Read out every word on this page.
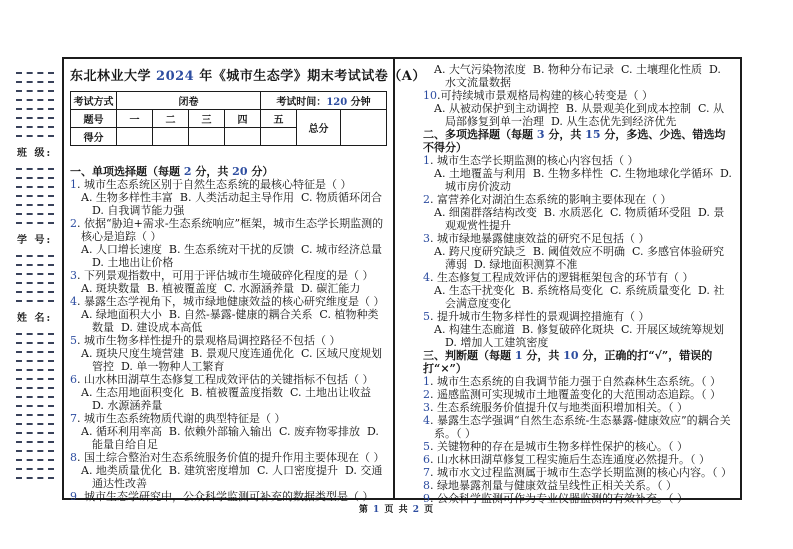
班 级:
学 号:
姓 名:
东北林业大学 2024 年《城市生态学》期末考试试卷（A）
考试方式	闭卷				考试时间：120 分钟		
题号	一	二	三	四	五	总分	
得分							

一、单项选择题（每题 2 分，共 20 分）

1. 城市生态系统区别于自然生态系统的最核心特征是（ ）

A. 生物多样性丰富  B. 人类活动起主导作用  C. 物质循环闭合  D. 自我调节能力强

2. 依据“胁迫+需求-生态系统响应”框架，城市生态学长期监测的核心是追踪（ ）

A. 人口增长速度  B. 生态系统对干扰的反馈  C. 城市经济总量  D. 土地出让价格

3. 下列景观指数中，可用于评估城市生境破碎化程度的是（ ）

A. 斑块数量  B. 植被覆盖度  C. 水源涵养量  D. 碳汇能力

4. 暴露生态学视角下，城市绿地健康效益的核心研究维度是（ ）

A. 绿地面积大小  B. 自然-暴露-健康的耦合关系  C. 植物种类数量  D. 建设成本高低

5. 城市生物多样性提升的景观格局调控路径不包括（ ）

A. 斑块尺度生境营建  B. 景观尺度连通优化  C. 区域尺度规划管控  D. 单一物种人工繁育

6. 山水林田湖草生态修复工程成效评估的关键指标不包括（ ）

A. 生态用地面积变化  B. 植被覆盖度指数  C. 土地出让收益  D. 水源涵养量

7. 城市生态系统物质代谢的典型特征是（ ）

A. 循环利用率高  B. 依赖外部输入输出  C. 废弃物零排放  D. 能量自给自足

8. 国土综合整治对生态系统服务价值的提升作用主要体现在（ ）

A. 地类质量优化  B. 建筑密度增加  C. 人口密度提升  D. 交通通达性改善

9. 城市生态学研究中，公众科学监测可补充的数据类型是（ ）

A. 大气污染物浓度  B. 物种分布记录  C. 土壤理化性质  D. 水文流量数据

10.可持续城市景观格局构建的核心转变是（ ）

A. 从被动保护到主动调控  B. 从景观美化到成本控制  C. 从局部修复到单一治理  D. 从生态优先到经济优先

二、多项选择题（每题 3 分，共 15 分，多选、少选、错选均不得分）

1. 城市生态学长期监测的核心内容包括（ ）

A. 土地覆盖与利用  B. 生物多样性  C. 生物地球化学循环  D. 城市房价波动

2. 富营养化对湖泊生态系统的影响主要体现在（ ）

A. 细菌群落结构改变  B. 水质恶化  C. 物质循环受阻  D. 景观观赏性提升

3. 城市绿地暴露健康效益的研究不足包括（ ）

A. 跨尺度研究缺乏  B. 阈值效应不明确  C. 多感官体验研究薄弱  D. 绿地面积测算不准

4. 生态修复工程成效评估的逻辑框架包含的环节有（ ）

A. 生态干扰变化  B. 系统格局变化  C. 系统质量变化  D. 社会满意度变化

5. 提升城市生物多样性的景观调控措施有（ ）

A. 构建生态廊道  B. 修复破碎化斑块  C. 开展区域统筹规划  D. 增加人工建筑密度

三、判断题（每题 1 分，共 10 分，正确的打“√”，错误的打“×”）

1. 城市生态系统的自我调节能力强于自然森林生态系统。（ ）

2. 遥感监测可实现城市土地覆盖变化的大范围动态追踪。（ ）

3. 生态系统服务价值提升仅与地类面积增加相关。（ ）

4. 暴露生态学强调“自然生态系统-生态暴露-健康效应”的耦合关系。（ ）

5. 关键物种的存在是城市生物多样性保护的核心。（ ）

6. 山水林田湖草修复工程实施后生态连通度必然提升。（ ）

7. 城市水文过程监测属于城市生态学长期监测的核心内容。（ ）

8. 绿地暴露剂量与健康效益呈线性正相关关系。（ ）

9. 公众科学监测可作为专业仪器监测的有效补充。（ ）

第 1 页 共 2 页
